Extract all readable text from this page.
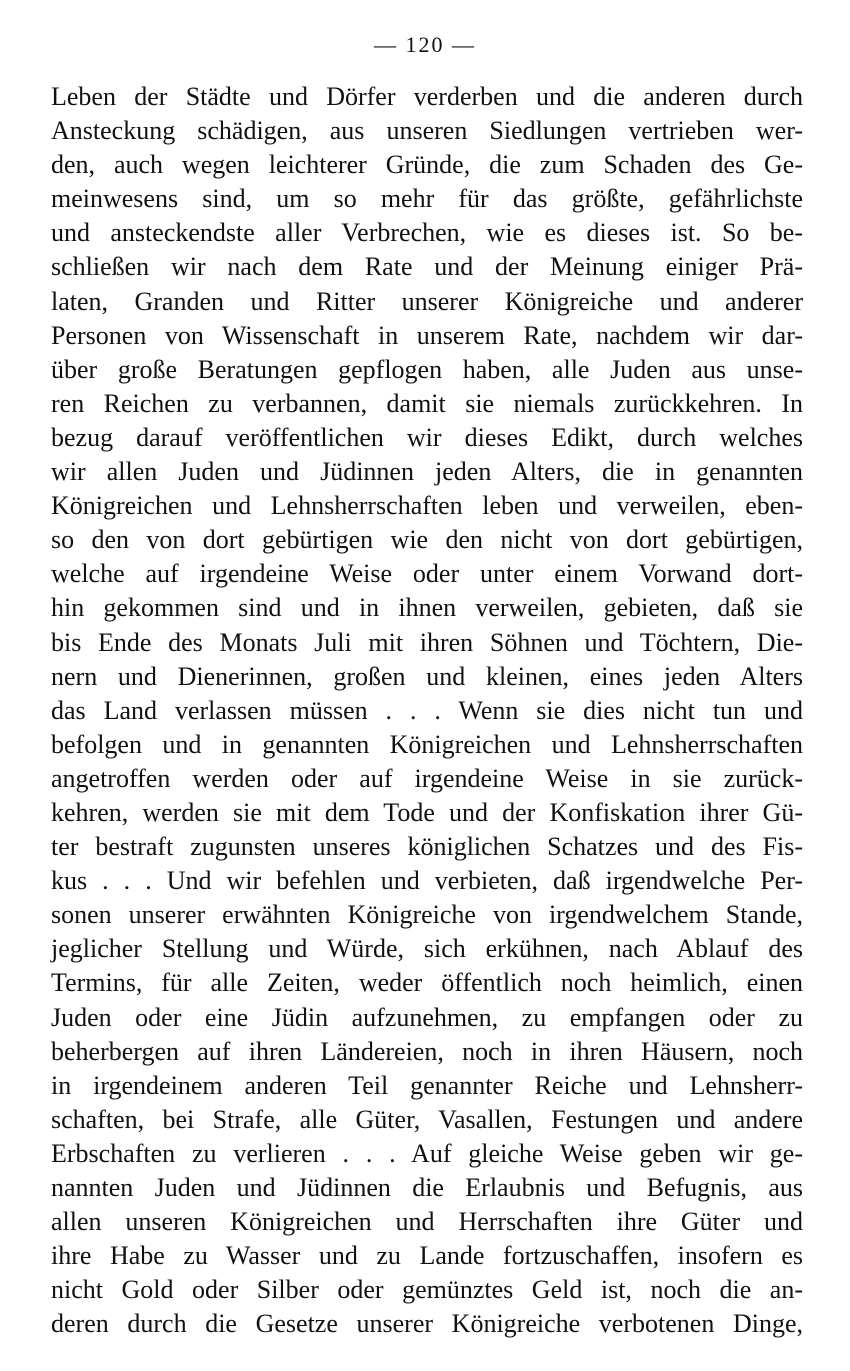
— 120 —
Leben der Städte und Dörfer verderben und die anderen durch
Ansteckung schädigen, aus unseren Siedlungen vertrieben wer-
den, auch wegen leichterer Gründe, die zum Schaden des Ge-
meinwesens sind, um so mehr für das größte, gefährlichste
und ansteckendste aller Verbrechen, wie es dieses ist. So be-
schließen wir nach dem Rate und der Meinung einiger Prä-
laten, Granden und Ritter unserer Königreiche und anderer
Personen von Wissenschaft in unserem Rate, nachdem wir dar-
über große Beratungen gepflogen haben, alle Juden aus unse-
ren Reichen zu verbannen, damit sie niemals zurückkehren. In
bezug darauf veröffentlichen wir dieses Edikt, durch welches
wir allen Juden und Jüdinnen jeden Alters, die in genannten
Königreichen und Lehnsherrschaften leben und verweilen, eben-
so den von dort gebürtigen wie den nicht von dort gebürtigen,
welche auf irgendeine Weise oder unter einem Vorwand dort-
hin gekommen sind und in ihnen verweilen, gebieten, daß sie
bis Ende des Monats Juli mit ihren Söhnen und Töchtern, Die-
nern und Dienerinnen, großen und kleinen, eines jeden Alters
das Land verlassen müssen . . . Wenn sie dies nicht tun und
befolgen und in genannten Königreichen und Lehnsherrschaften
angetroffen werden oder auf irgendeine Weise in sie zurück-
kehren, werden sie mit dem Tode und der Konfiskation ihrer Gü-
ter bestraft zugunsten unseres königlichen Schatzes und des Fis-
kus . . . Und wir befehlen und verbieten, daß irgendwelche Per-
sonen unserer erwähnten Königreiche von irgendwelchem Stande,
jeglicher Stellung und Würde, sich erkühnen, nach Ablauf des
Termins, für alle Zeiten, weder öffentlich noch heimlich, einen
Juden oder eine Jüdin aufzunehmen, zu empfangen oder zu
beherbergen auf ihren Ländereien, noch in ihren Häusern, noch
in irgendeinem anderen Teil genannter Reiche und Lehnsherr-
schaften, bei Strafe, alle Güter, Vasallen, Festungen und andere
Erbschaften zu verlieren . . . Auf gleiche Weise geben wir ge-
nannten Juden und Jüdinnen die Erlaubnis und Befugnis, aus
allen unseren Königreichen und Herrschaften ihre Güter und
ihre Habe zu Wasser und zu Lande fortzuschaffen, insofern es
nicht Gold oder Silber oder gemünztes Geld ist, noch die an-
deren durch die Gesetze unserer Königreiche verbotenen Dinge,
